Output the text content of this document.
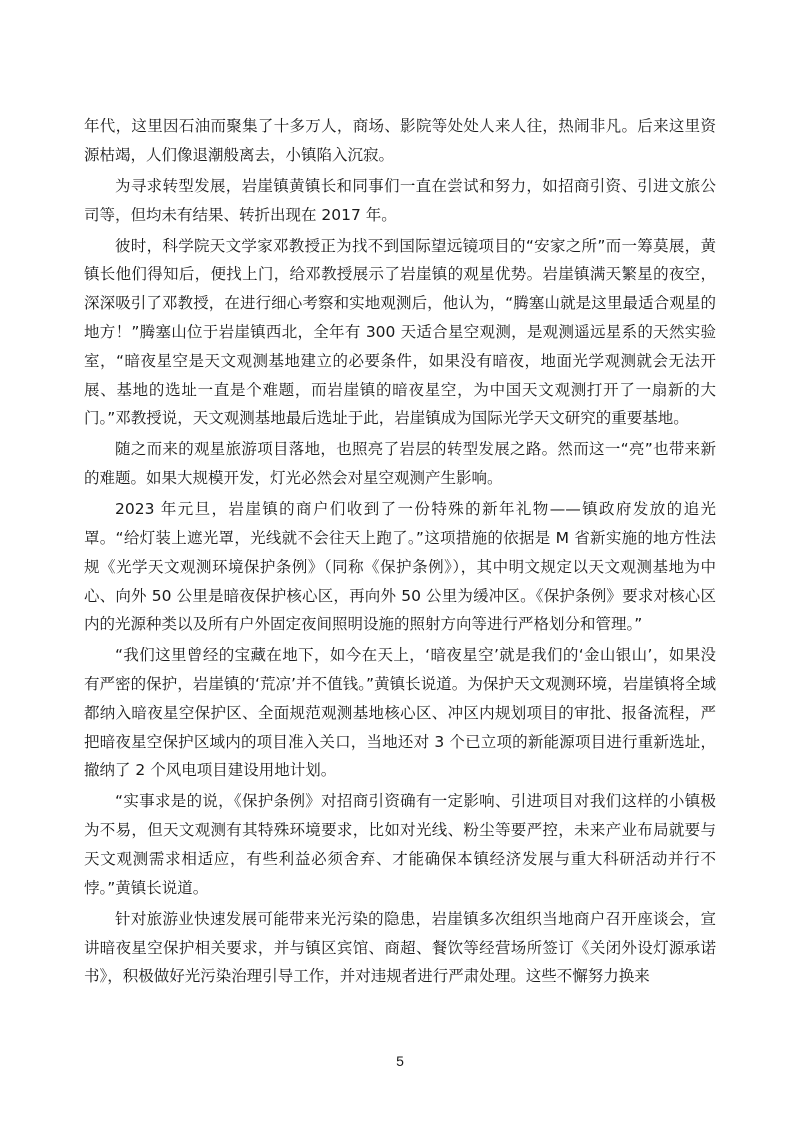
年代，这里因石油而聚集了十多万人，商场、影院等处处人来人往，热闹非凡。后来这里资源枯竭，人们像退潮般离去，小镇陷入沉寂。

为寻求转型发展，岩崖镇黄镇长和同事们一直在尝试和努力，如招商引资、引进文旅公司等，但均未有结果、转折出现在 2017 年。

彼时，科学院天文学家邓教授正为找不到国际望远镜项目的“安家之所”而一筹莫展，黄镇长他们得知后，便找上门，给邓教授展示了岩崖镇的观星优势。岩崖镇满天繁星的夜空，深深吸引了邓教授，在进行细心考察和实地观测后，他认为，“腾塞山就是这里最适合观星的地方！”腾塞山位于岩崖镇西北，全年有 300 天适合星空观测，是观测遥远星系的天然实验室，“暗夜星空是天文观测基地建立的必要条件，如果没有暗夜，地面光学观测就会无法开展、基地的选址一直是个难题，而岩崖镇的暗夜星空，为中国天文观测打开了一扇新的大门。”邓教授说，天文观测基地最后选址于此，岩崖镇成为国际光学天文研究的重要基地。

随之而来的观星旅游项目落地，也照亮了岩层的转型发展之路。然而这一“亮”也带来新的难题。如果大规模开发，灯光必然会对星空观测产生影响。

2023 年元旦，岩崖镇的商户们收到了一份特殊的新年礼物——镇政府发放的追光罩。“给灯装上遮光罩，光线就不会往天上跑了。”这项措施的依据是 M 省新实施的地方性法规《光学天文观测环境保护条例》（同称《保护条例》），其中明文规定以天文观测基地为中心、向外 50 公里是暗夜保护核心区，再向外 50 公里为缓冲区。《保护条例》要求对核心区内的光源种类以及所有户外固定夜间照明设施的照射方向等进行严格划分和管理。”

“我们这里曾经的宝藏在地下，如今在天上，‘暗夜星空’就是我们的‘金山银山’，如果没有严密的保护，岩崖镇的‘荒凉’并不值钱。”黄镇长说道。为保护天文观测环境，岩崖镇将全域都纳入暗夜星空保护区、全面规范观测基地核心区、冲区内规划项目的审批、报备流程，严把暗夜星空保护区域内的项目准入关口，当地还对 3 个已立项的新能源项目进行重新选址，撤纳了 2 个风电项目建设用地计划。

“实事求是的说，《保护条例》对招商引资确有一定影响、引进项目对我们这样的小镇极为不易，但天文观测有其特殊环境要求，比如对光线、粉尘等要严控，未来产业布局就要与天文观测需求相适应，有些利益必须舍弃、才能确保本镇经济发展与重大科研活动并行不悖。”黄镇长说道。

针对旅游业快速发展可能带来光污染的隐患，岩崖镇多次组织当地商户召开座谈会，宣讲暗夜星空保护相关要求，并与镇区宾馆、商超、餐饮等经营场所签订《关闭外设灯源承诺书》，积极做好光污染治理引导工作，并对违规者进行严肃处理。这些不懈努力换来

5
